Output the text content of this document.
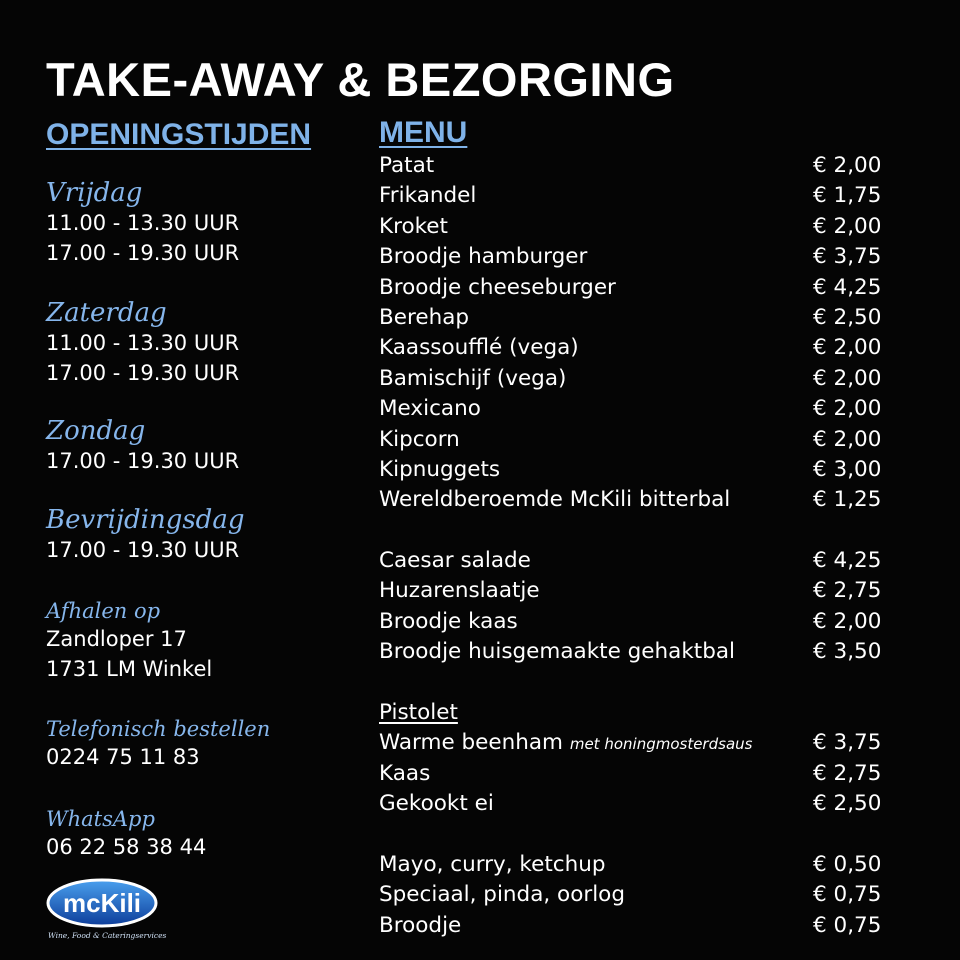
TAKE-AWAY & BEZORGING
OPENINGSTIJDEN
Vrijdag
11.00 - 13.30 UUR
17.00 - 19.30 UUR
Zaterdag
11.00 - 13.30 UUR
17.00 - 19.30 UUR
Zondag
17.00 - 19.30 UUR
Bevrijdingsdag
17.00 - 19.30 UUR
Afhalen op
Zandloper 17
1731 LM Winkel
Telefonisch bestellen
0224 75 11 83
WhatsApp
06 22 58 38 44
mcKili
Wine, Food & Cateringservices
MENU
Patat	€ 2,00
Frikandel	€ 1,75
Kroket	€ 2,00
Broodje hamburger	€ 3,75
Broodje cheeseburger	€ 4,25
Berehap	€ 2,50
Kaassoufflé (vega)	€ 2,00
Bamischijf (vega)	€ 2,00
Mexicano	€ 2,00
Kipcorn	€ 2,00
Kipnuggets	€ 3,00
Wereldberoemde McKili bitterbal	€ 1,25
Caesar salade	€ 4,25
Huzarenslaatje	€ 2,75
Broodje kaas	€ 2,00
Broodje huisgemaakte gehaktbal	€ 3,50
Pistolet
Warme beenham met honingmosterdsaus	€ 3,75
Kaas	€ 2,75
Gekookt ei	€ 2,50
Mayo, curry, ketchup	€ 0,50
Speciaal, pinda, oorlog	€ 0,75
Broodje	€ 0,75
